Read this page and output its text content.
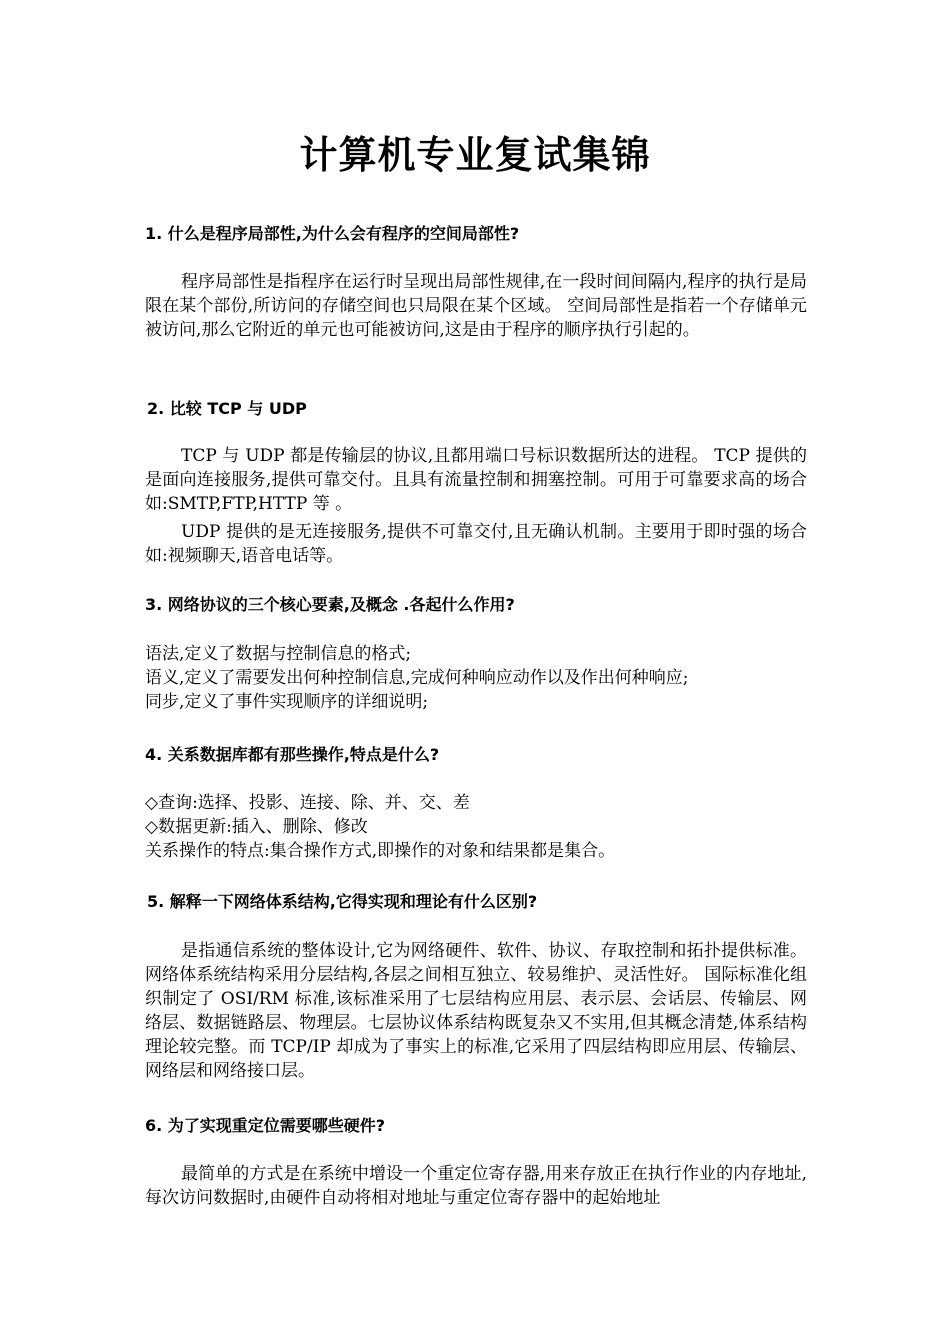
计算机专业复试集锦
1. 什么是程序局部性,为什么会有程序的空间局部性?
程序局部性是指程序在运行时呈现出局部性规律,在一段时间间隔内,程序的执行是局限在某个部份,所访问的存储空间也只局限在某个区域。 空间局部性是指若一个存储单元被访问,那么它附近的单元也可能被访问,这是由于程序的顺序执行引起的。
2. 比较 TCP 与 UDP
TCP 与 UDP 都是传输层的协议,且都用端口号标识数据所达的进程。 TCP 提供的是面向连接服务,提供可靠交付。且具有流量控制和拥塞控制。可用于可靠要求高的场合如:SMTP,FTP,HTTP 等 。
UDP 提供的是无连接服务,提供不可靠交付,且无确认机制。主要用于即时强的场合如:视频聊天,语音电话等。
3. 网络协议的三个核心要素,及概念 .各起什么作用?
语法,定义了数据与控制信息的格式;
语义,定义了需要发出何种控制信息,完成何种响应动作以及作出何种响应;
同步,定义了事件实现顺序的详细说明;
4. 关系数据库都有那些操作,特点是什么?
◇查询:选择、投影、连接、除、并、交、差
◇数据更新:插入、删除、修改
关系操作的特点:集合操作方式,即操作的对象和结果都是集合。
5. 解释一下网络体系结构,它得实现和理论有什么区别?
是指通信系统的整体设计,它为网络硬件、软件、协议、存取控制和拓扑提供标准。 网络体系统结构采用分层结构,各层之间相互独立、较易维护、灵活性好。 国际标准化组织制定了 OSI/RM 标准,该标准采用了七层结构应用层、表示层、会话层、传输层、网络层、数据链路层、物理层。七层协议体系结构既复杂又不实用,但其概念清楚,体系结构理论较完整。而 TCP/IP 却成为了事实上的标准,它采用了四层结构即应用层、传输层、网络层和网络接口层。
6. 为了实现重定位需要哪些硬件?
最简单的方式是在系统中增设一个重定位寄存器,用来存放正在执行作业的内存地址,每次访问数据时,由硬件自动将相对地址与重定位寄存器中的起始地址
